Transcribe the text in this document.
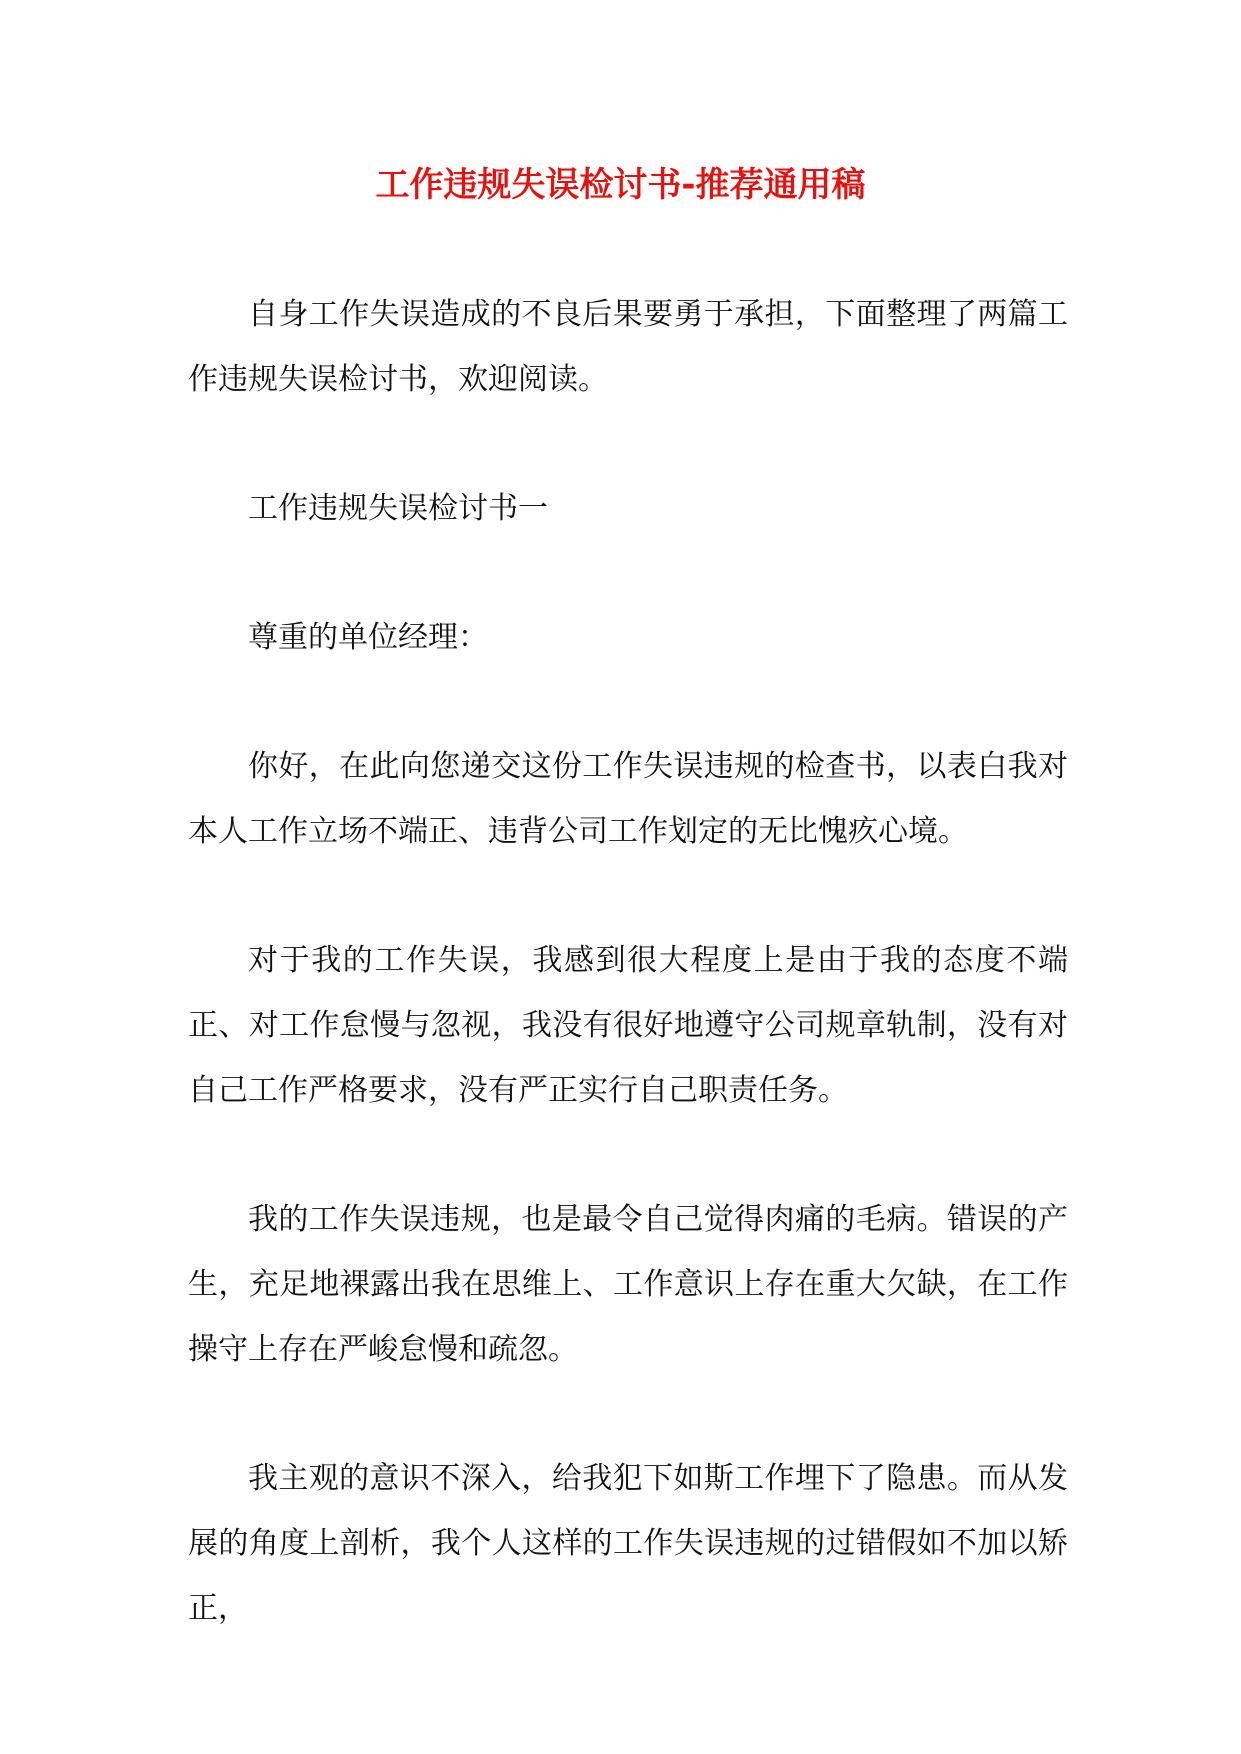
工作违规失误检讨书-推荐通用稿

自身工作失误造成的不良后果要勇于承担，下面整理了两篇工作违规失误检讨书，欢迎阅读。

工作违规失误检讨书一

尊重的单位经理：

你好，在此向您递交这份工作失误违规的检查书，以表白我对本人工作立场不端正、违背公司工作划定的无比愧疚心境。

对于我的工作失误，我感到很大程度上是由于我的态度不端正、对工作怠慢与忽视，我没有很好地遵守公司规章轨制，没有对自己工作严格要求，没有严正实行自己职责任务。

我的工作失误违规，也是最令自己觉得肉痛的毛病。错误的产生，充足地裸露出我在思维上、工作意识上存在重大欠缺，在工作操守上存在严峻怠慢和疏忽。

我主观的意识不深入，给我犯下如斯工作埋下了隐患。而从发展的角度上剖析，我个人这样的工作失误违规的过错假如不加以矫正，
